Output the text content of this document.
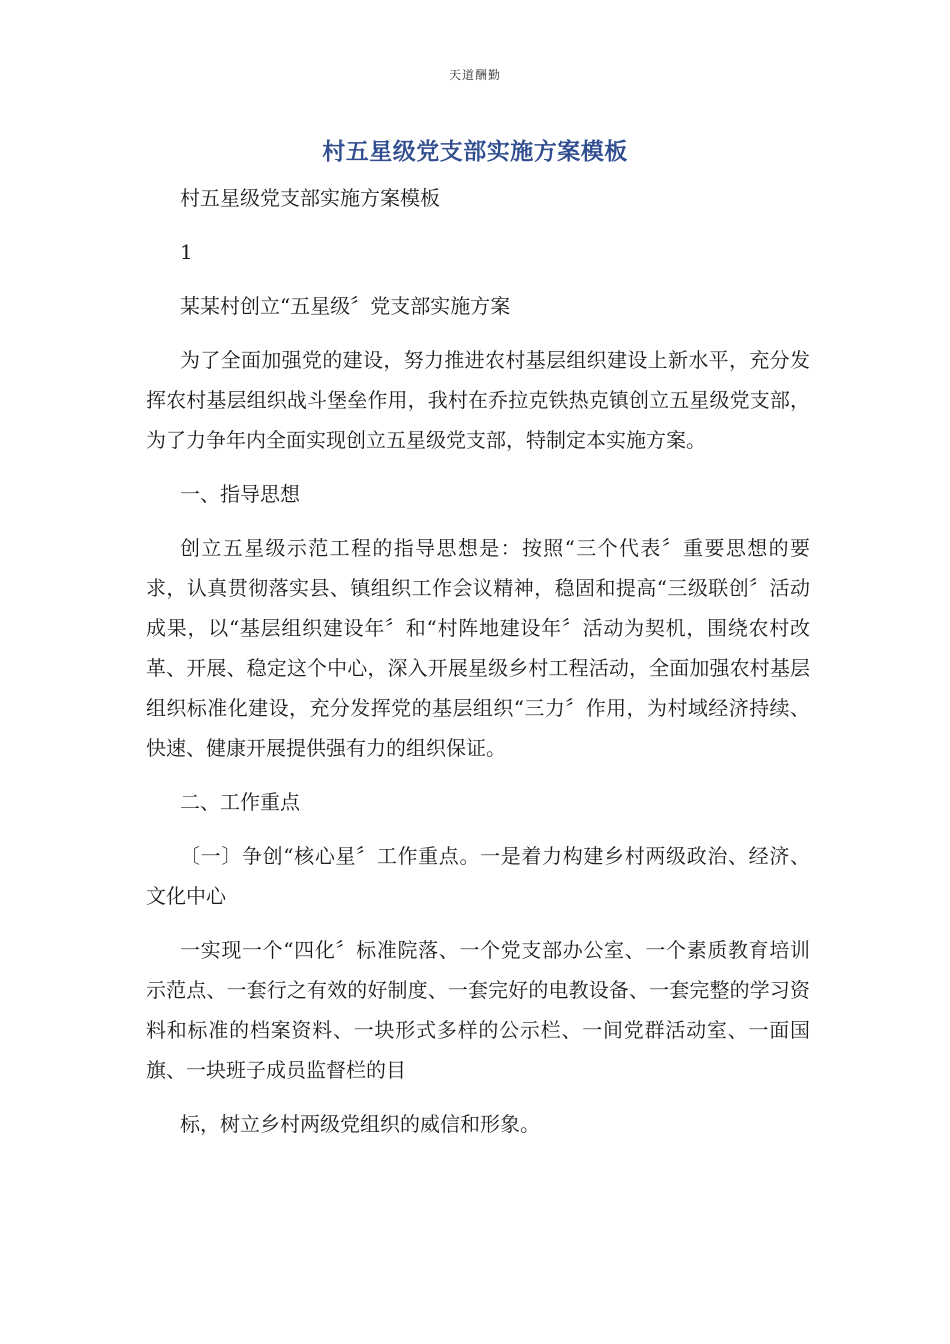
天道酬勤
村五星级党支部实施方案模板

村五星级党支部实施方案模板

1

某某村创立“五星级〞党支部实施方案

为了全面加强党的建设，努力推进农村基层组织建设上新水平，充分发挥农村基层组织战斗堡垒作用，我村在乔拉克铁热克镇创立五星级党支部，为了力争年内全面实现创立五星级党支部，特制定本实施方案。

一、指导思想

创立五星级示范工程的指导思想是：按照“三个代表〞重要思想的要求，认真贯彻落实县、镇组织工作会议精神，稳固和提高“三级联创〞活动成果，以“基层组织建设年〞和“村阵地建设年〞活动为契机，围绕农村改革、开展、稳定这个中心，深入开展星级乡村工程活动，全面加强农村基层组织标准化建设，充分发挥党的基层组织“三力〞作用，为村域经济持续、快速、健康开展提供强有力的组织保证。

二、工作重点

〔一〕争创“核心星〞工作重点。一是着力构建乡村两级政治、经济、文化中心

一实现一个“四化〞标准院落、一个党支部办公室、一个素质教育培训示范点、一套行之有效的好制度、一套完好的电教设备、一套完整的学习资料和标准的档案资料、一块形式多样的公示栏、一间党群活动室、一面国旗、一块班子成员监督栏的目

标，树立乡村两级党组织的威信和形象。
